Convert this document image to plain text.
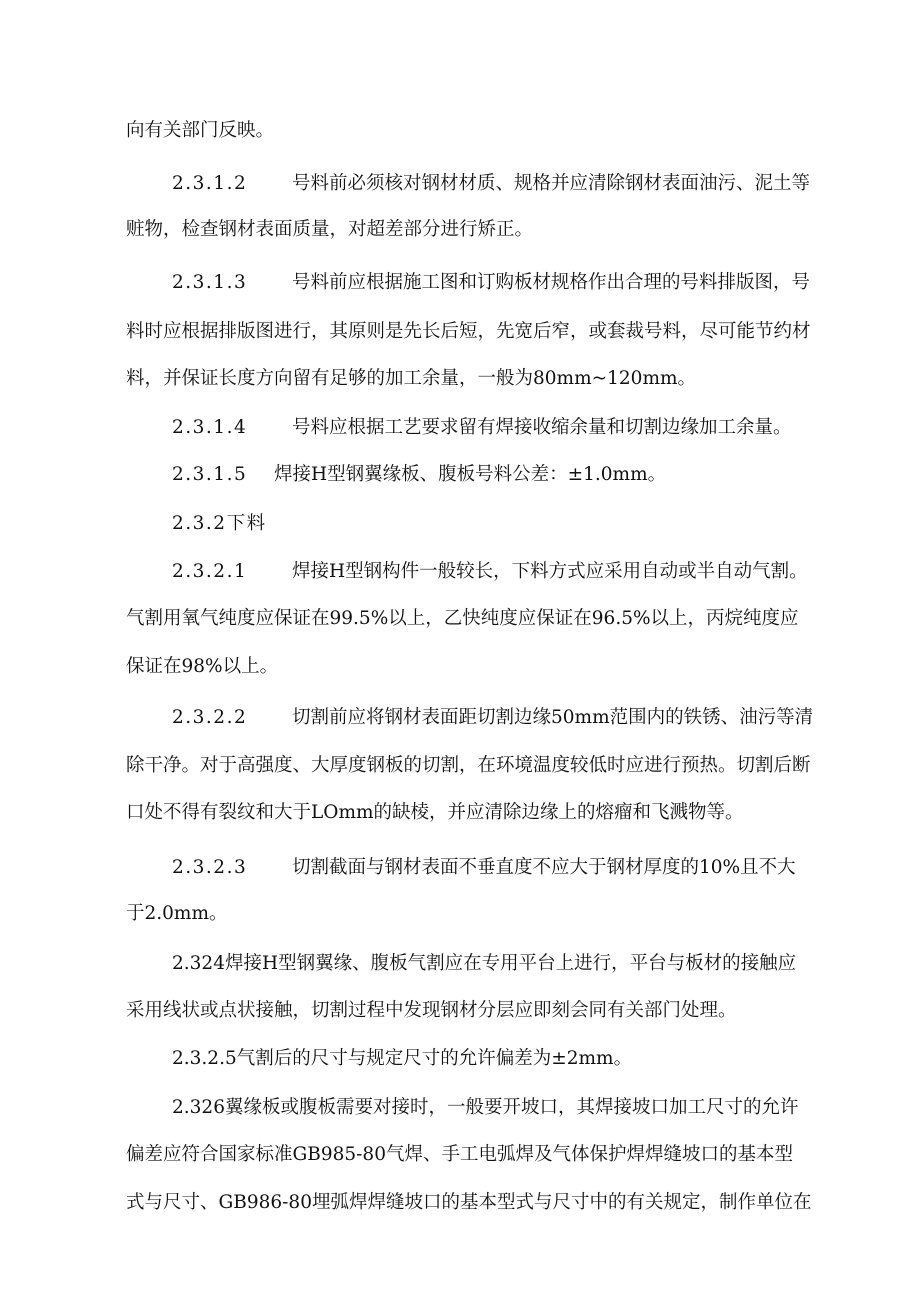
向有关部门反映。
2.3.1.2 号料前必须核对钢材材质、规格并应清除钢材表面油污、泥土等
赃物，检查钢材表面质量，对超差部分进行矫正。
2.3.1.3 号料前应根据施工图和订购板材规格作出合理的号料排版图，号
料时应根据排版图进行，其原则是先长后短，先宽后窄，或套裁号料，尽可能节约材
料，并保证长度方向留有足够的加工余量，一般为80mm~120mm。
2.3.1.4 号料应根据工艺要求留有焊接收缩余量和切割边缘加工余量。
2.3.1.5 焊接H型钢翼缘板、腹板号料公差：±1.0mm。
2.3.2下料
2.3.2.1 焊接H型钢构件一般较长，下料方式应采用自动或半自动气割。
气割用氧气纯度应保证在99.5%以上，乙快纯度应保证在96.5%以上，丙烷纯度应
保证在98%以上。
2.3.2.2 切割前应将钢材表面距切割边缘50mm范围内的铁锈、油污等清
除干净。对于高强度、大厚度钢板的切割，在环境温度较低时应进行预热。切割后断
口处不得有裂纹和大于LOmm的缺棱，并应清除边缘上的熔瘤和飞溅物等。
2.3.2.3 切割截面与钢材表面不垂直度不应大于钢材厚度的10%且不大
于2.0mm。
2.324焊接H型钢翼缘、腹板气割应在专用平台上进行，平台与板材的接触应
采用线状或点状接触，切割过程中发现钢材分层应即刻会同有关部门处理。
2.3.2.5气割后的尺寸与规定尺寸的允许偏差为±2mm。
2.326翼缘板或腹板需要对接时，一般要开坡口，其焊接坡口加工尺寸的允许
偏差应符合国家标准GB985-80气焊、手工电弧焊及气体保护焊焊缝坡口的基本型
式与尺寸、GB986-80埋弧焊焊缝坡口的基本型式与尺寸中的有关规定，制作单位在
